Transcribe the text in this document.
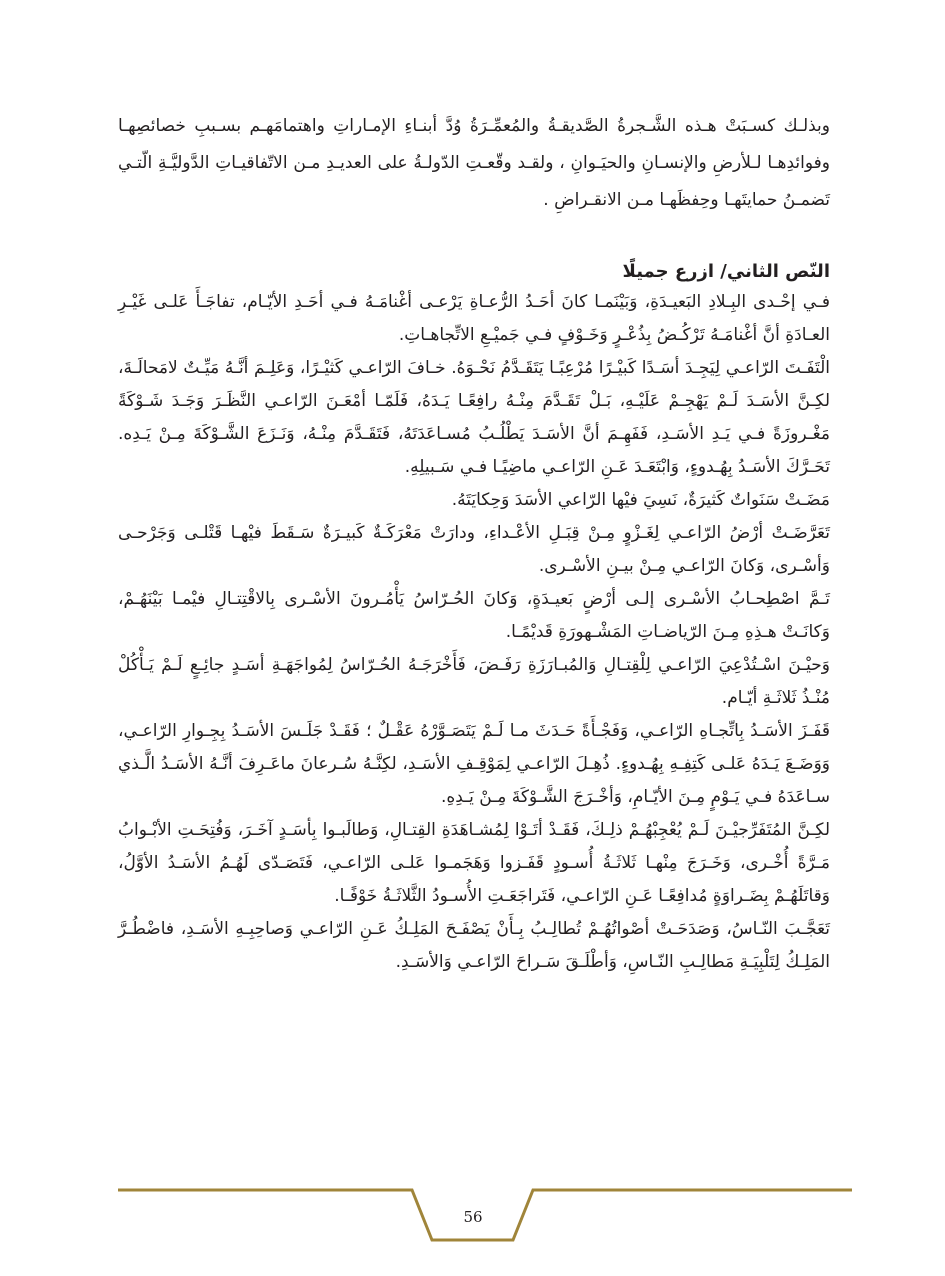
وبذلـك كسـبَتْ هـذه الشَّـجرةُ الصَّديقـةُ والمُعمِّـرَةُ وُدَّ أبنـاءِ الإمـاراتِ واهتمامَهـم بسـببِ خصائصِهـا وفوائدِهـا لـلأرضِ والإنسـانِ والحيَـوانِ ، ولقـد وقّعـتِ الدّولـةُ على العديـدِ مـن الاتّفاقيـاتِ الدَّوليَّـةِ الّتـي تَضمـنُ حمايتَهـا وحِفظَهـا مـن الانقـراضِ .

النّص الثاني/ ازرع جميلًا

فـي إحْـدى البِـلادِ البَعيـدَةِ، وَبَيْنَمـا كانَ أحَـدُ الرُّعـاةِ يَرْعـى أغْنامَـهُ فـي أحَـدِ الأيّـام، تفاجَـأَ عَلـى غَيْـرِ العـادَةِ أنَّ أغْنامَـهُ تَرْكُـضُ بِذُعْـرٍ وَخَـوْفٍ فـي جَميْـعِ الاتِّجاهـاتِ.

الْتَفَـتَ الرّاعـي لِيَجِـدَ أسَـدًا كَبيْـرًا مُرْعِبًـا يَتَقَـدَّمُ نَحْـوَهُ. خـافَ الرّاعـي كَثيْـرًا، وَعَلِـمَ أنَّـهُ مَيِّـتٌ لامَحالَـةَ، لكِـنَّ الأسَـدَ لَـمْ يَهْجِـمْ عَلَيْـهِ، بَـلْ تَقَـدَّمَ مِنْـهُ رافِعًـا يَـدَهُ، فَلَمّـا أمْعَـنَ الرّاعـي النَّظَـرَ وَجَـدَ شَـوْكَةً مَغْـروزَةً فـي يَـدِ الأسَـدِ، فَفَهِـمَ أنَّ الأسَـدَ يَطْلُـبُ مُسـاعَدَتَهُ، فَتَقَـدَّمَ مِنْـهُ، وَنَـزَعَ الشَّـوْكَةَ مِـنْ يَـدِه. تَحَـرَّكَ الأسَـدُ بِهُـدوءٍ، وَابْتَعَـدَ عَـنِ الرّاعـي ماضِيًـا فـي سَـبيلِهِ.

مَضَـتْ سَنَواتٌ كَثيرَةٌ، نَسِيَ فيْها الرّاعي الأسَدَ وَحِكايَتَهُ.

تَعَرَّضَـتْ أرْضُ الرّاعـي لِغَـزْوٍ مِـنْ قِبَـلِ الأعْـداءِ، ودارَتْ مَعْرَكَـةٌ كَبيـرَةٌ سَـقَطَ فيْهـا قَتْلـى وَجَرْحـى وَأسْـرى، وَكانَ الرّاعـي مِـنْ بيـنِ الأسْـرى.

تَـمَّ اصْطِحـابُ الأسْـرى إلـى أرْضٍ بَعيـدَةٍ، وَكانَ الحُـرّاسُ يَأْمُـرونَ الأسْـرى بِالاقْتِتـالِ فيْمـا بَيْنَهُـمْ، وَكانَـتْ هـذِهِ مِـنَ الرّياضـاتِ المَشْـهورَةِ قَديْمًـا.

وَحيْـنَ اسْـتُدْعِيَ الرّاعـي لِلْقِتـالِ وَالمُبـارَزَةِ رَفَـضَ، فَأَخْرَجَـهُ الحُـرّاسُ لِمُواجَهَـةِ أسَـدٍ جائِـعٍ لَـمْ يَـأْكُلْ مُنْـذُ ثَلاثَـةِ أيّـام.

قَفَـزَ الأسَـدُ بِاتِّجـاهِ الرّاعـي، وَفَجْـأَةً حَـدَثَ مـا لَـمْ يَتَصَـوَّرْهُ عَقْـلٌ ؛ فَقَـدْ جَلَـسَ الأسَـدُ بِجِـوارِ الرّاعـي، وَوَضَـعَ يَـدَهُ عَلـى كَتِفِـهِ بِهُـدوءٍ. ذُهِـلَ الرّاعـي لِمَوْقِـفِ الأسَـدِ، لكِنَّـهُ سُـرعانَ ماعَـرِفَ أنَّـهُ الأسَـدُ الَّـذي سـاعَدَهُ فـي يَـوْمٍ مِـنَ الأيّـامِ، وَأخْـرَجَ الشَّـوْكَةَ مِـنْ يَـدِهِ.

لكِـنَّ المُتَفَرِّجيْـنَ لَـمْ يُعْجِبْهُـمْ ذلِـكَ، فَقَـدْ أتَـوْا لِمُشـاهَدَةِ القِتـالِ، وَطالَبـوا بِأسَـدٍ آخَـرَ، وَفُتِحَـتِ الأبْـوابُ مَـرَّةً أُخْـرى، وَخَـرَجَ مِنْهـا ثَلاثَـةُ أُسـودٍ قَفَـزوا وَهَجَمـوا عَلـى الرّاعـي، فَتَصَـدّى لَهُـمُ الأسَـدُ الأوَّلُ، وَقاتَلَهُـمْ بِضَـراوَةٍ مُدافِعًـا عَـنِ الرّاعـي، فَتَراجَعَـتِ الأُسـودُ الثَّلاثَـةُ خَوْفًـا.

تَعَجَّـبَ النّـاسُ، وَصَدَحَـتْ أصْواتُهُـمْ تُطالِـبُ بِـأَنْ يَصْفَـحَ المَلِـكُ عَـنِ الرّاعـي وَصاحِبِـهِ الأسَـدِ، فاضْطُـرَّ المَلِـكُ لِتَلْبِيَـةِ مَطالِـبِ النّـاسِ، وَأطْلَـقَ سَـراحَ الرّاعـي وَالأسَـدِ.

56
